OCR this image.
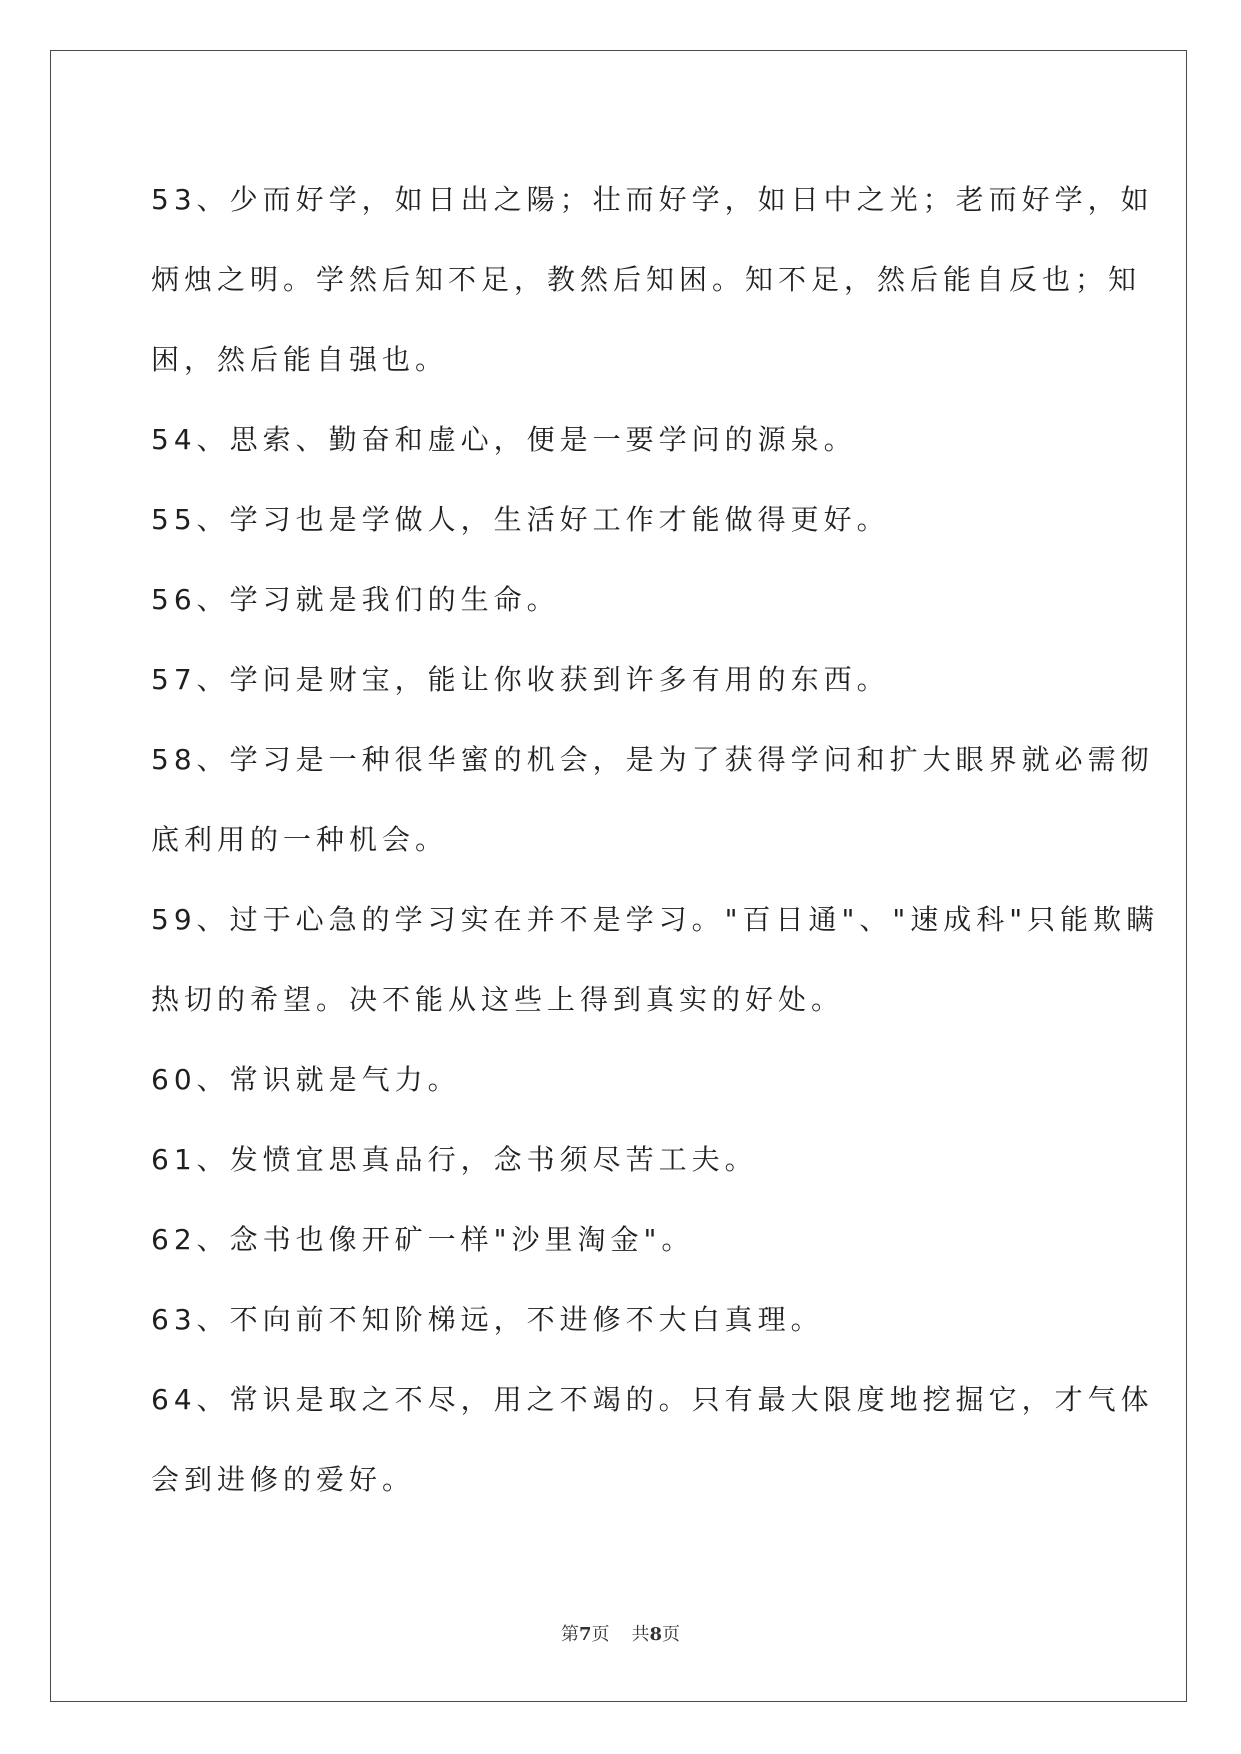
53、少而好学，如日出之陽；壮而好学，如日中之光；老而好学，如
炳烛之明。学然后知不足，教然后知困。知不足，然后能自反也；知
困，然后能自强也。

54、思索、勤奋和虚心，便是一要学问的源泉。

55、学习也是学做人，生活好工作才能做得更好。

56、学习就是我们的生命。

57、学问是财宝，能让你收获到许多有用的东西。

58、学习是一种很华蜜的机会，是为了获得学问和扩大眼界就必需彻
底利用的一种机会。

59、过于心急的学习实在并不是学习。"百日通"、"速成科"只能欺瞒
热切的希望。决不能从这些上得到真实的好处。

60、常识就是气力。

61、发愤宜思真品行，念书须尽苦工夫。

62、念书也像开矿一样"沙里淘金"。

63、不向前不知阶梯远，不进修不大白真理。

64、常识是取之不尽，用之不竭的。只有最大限度地挖掘它，才气体
会到进修的爱好。

第7页 共8页
